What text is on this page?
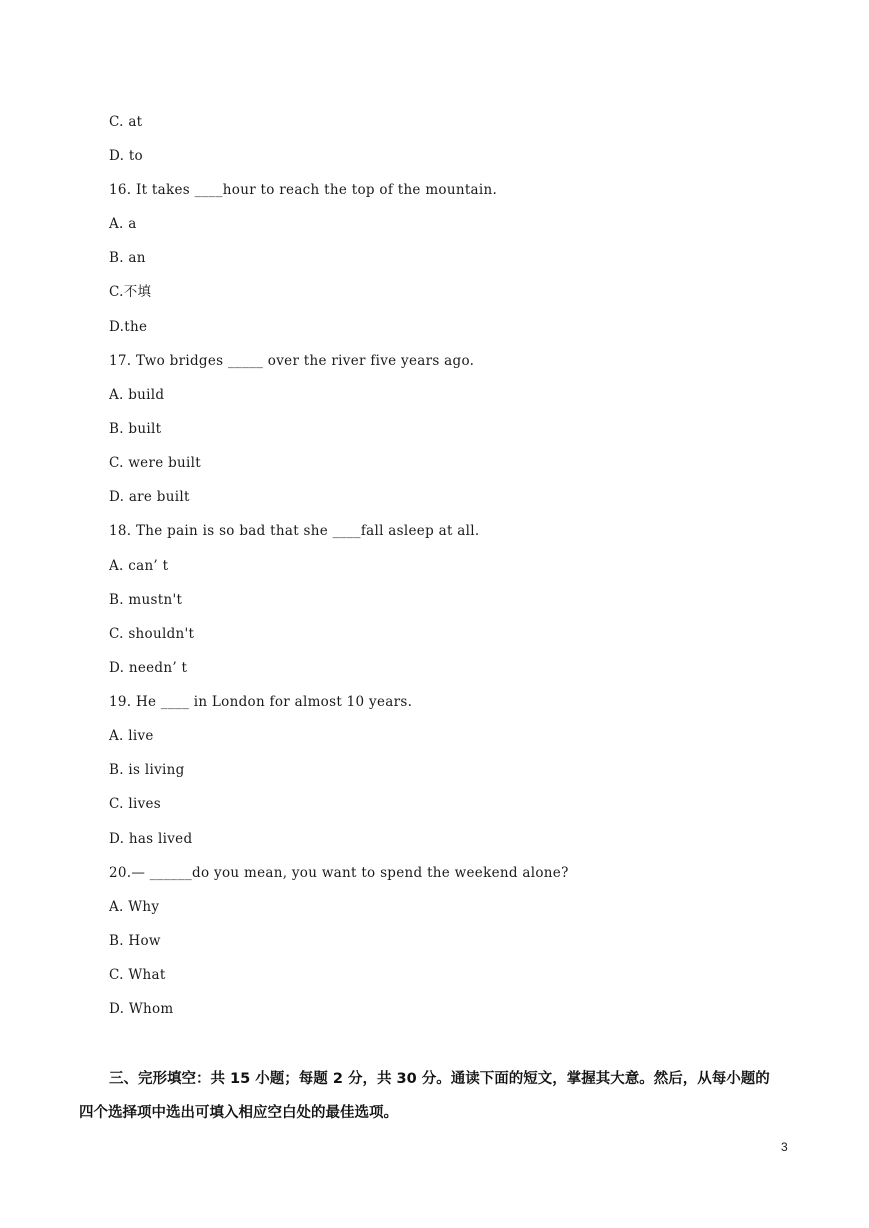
C. at
D. to
16. It takes ____hour to reach the top of the mountain.
A. a
B. an
C.不填
D.the
17. Two bridges _____ over the river five years ago.
A. build
B. built
C. were built
D. are built
18. The pain is so bad that she ____fall asleep at all.
A. can’ t
B. mustn't
C. shouldn't
D. needn’ t
19. He ____ in London for almost 10 years.
A. live
B. is living
C. lives
D. has lived
20.— ______do you mean, you want to spend the weekend alone?
A. Why
B. How
C. What
D. Whom
三、完形填空：共 15 小题；每题 2 分，共 30 分。通读下面的短文，掌握其大意。然后，从每小题的
四个选择项中选出可填入相应空白处的最佳选项。
3
